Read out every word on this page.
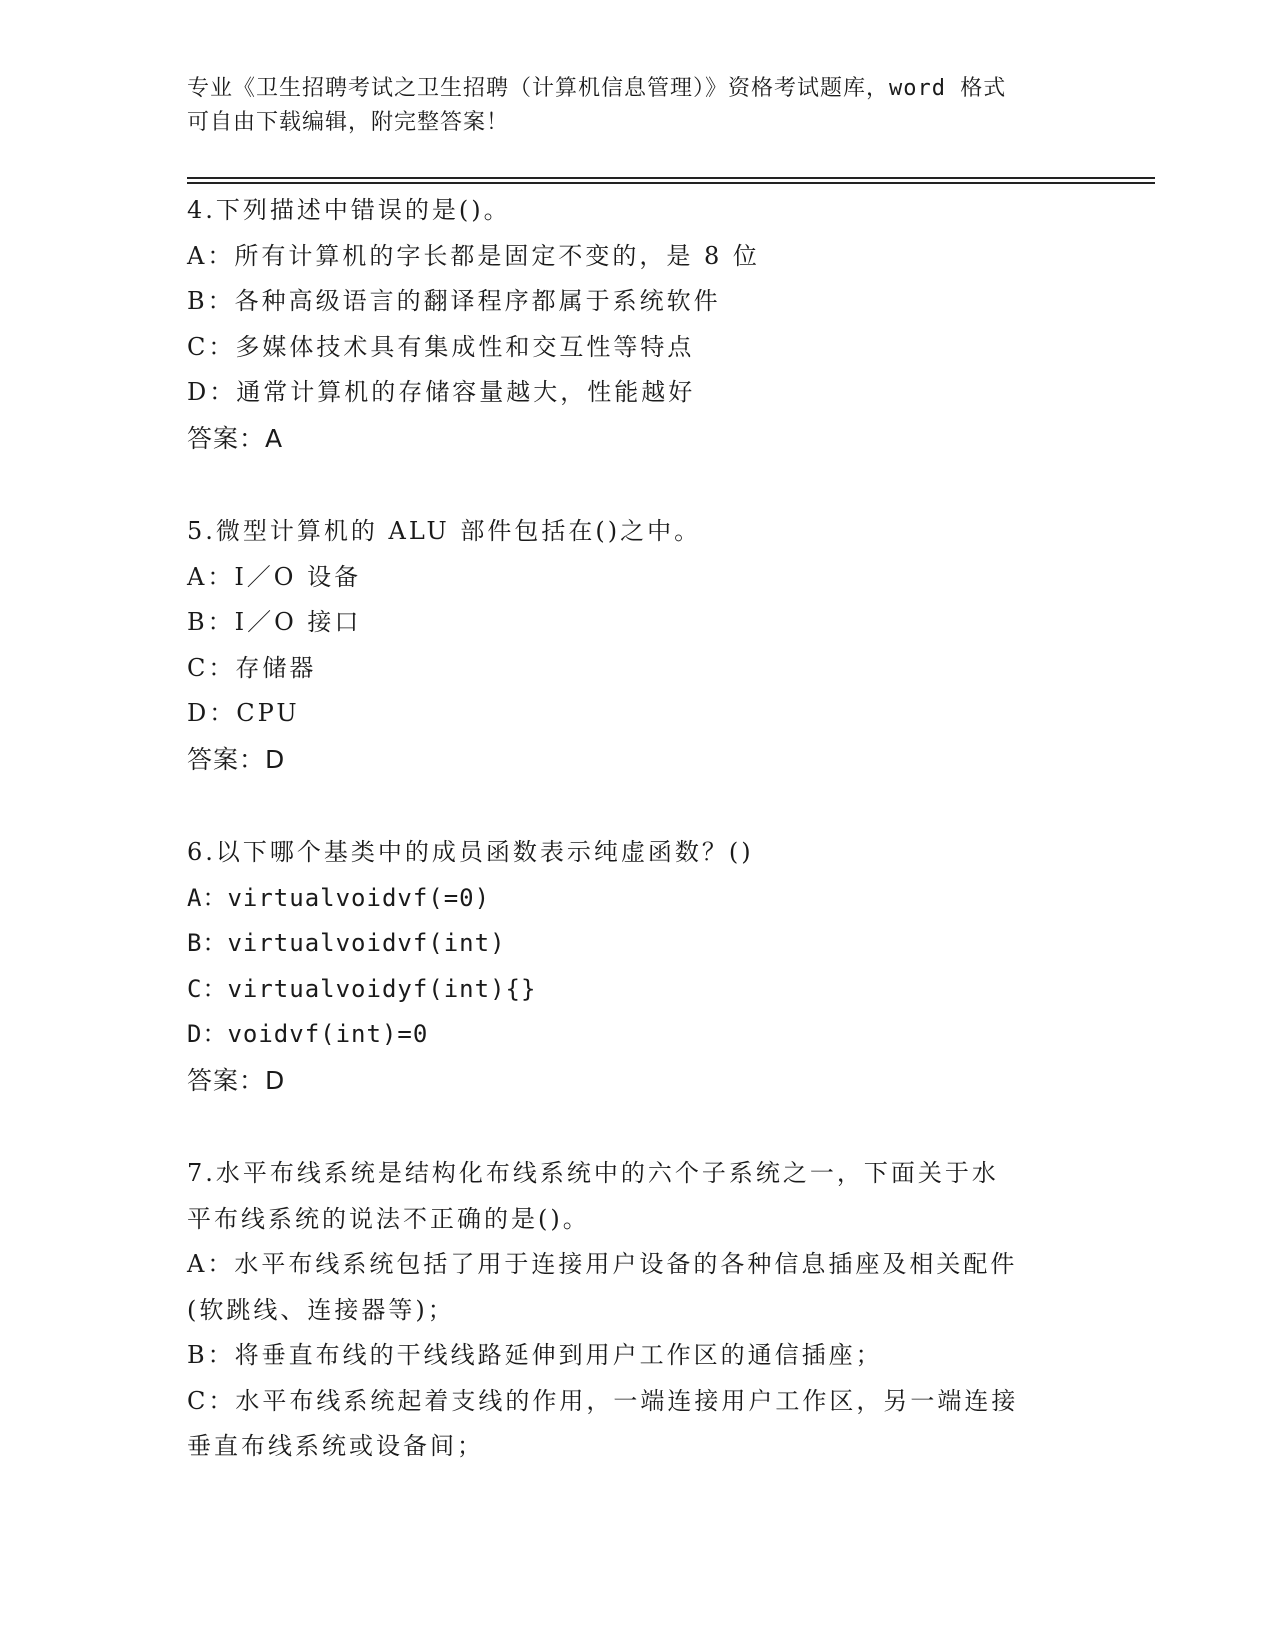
专业《卫生招聘考试之卫生招聘（计算机信息管理）》资格考试题库，word 格式

可自由下载编辑，附完整答案！

4.下列描述中错误的是()。
A：所有计算机的字长都是固定不变的，是 8 位
B：各种高级语言的翻译程序都属于系统软件
C：多媒体技术具有集成性和交互性等特点
D：通常计算机的存储容量越大，性能越好
答案：A
5.微型计算机的 ALU 部件包括在()之中。
A：I／O 设备
B：I／O 接口
C：存储器
D：CPU
答案：D
6.以下哪个基类中的成员函数表示纯虚函数？()
A：virtualvoidvf(=0)
B：virtualvoidvf(int)
C：virtualvoidyf(int){}
D：voidvf(int)=0
答案：D
7.水平布线系统是结构化布线系统中的六个子系统之一，下面关于水
平布线系统的说法不正确的是()。
A：水平布线系统包括了用于连接用户设备的各种信息插座及相关配件
(软跳线、连接器等)；
B：将垂直布线的干线线路延伸到用户工作区的通信插座；
C：水平布线系统起着支线的作用，一端连接用户工作区，另一端连接
垂直布线系统或设备间；
